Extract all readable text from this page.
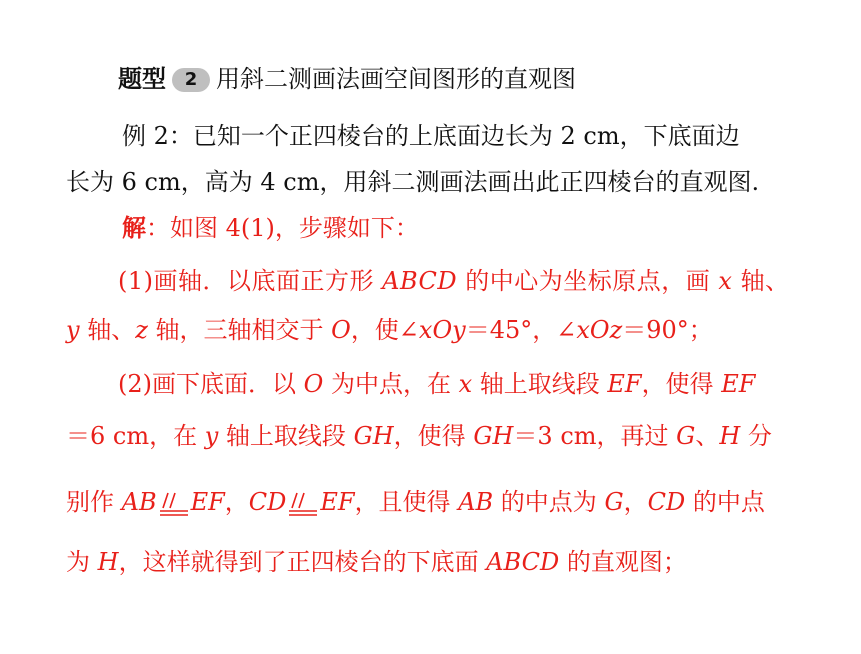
题型 2 用斜二测画法画空间图形的直观图
例 2：已知一个正四棱台的上底面边长为 2 cm，下底面边
长为 6 cm，高为 4 cm，用斜二测画法画出此正四棱台的直观图.
解：如图 4(1)，步骤如下：
(1)画轴．以底面正方形 ABCD 的中心为坐标原点，画 x 轴、
y 轴、z 轴，三轴相交于 O，使∠xOy＝45°，∠xOz＝90°；
(2)画下底面．以 O 为中点，在 x 轴上取线段 EF，使得 EF
＝6 cm，在 y 轴上取线段 GH，使得 GH＝3 cm，再过 G、H 分
别作 AB EF，CD EF，且使得 AB 的中点为 G，CD 的中点
为 H，这样就得到了正四棱台的下底面 ABCD 的直观图；
